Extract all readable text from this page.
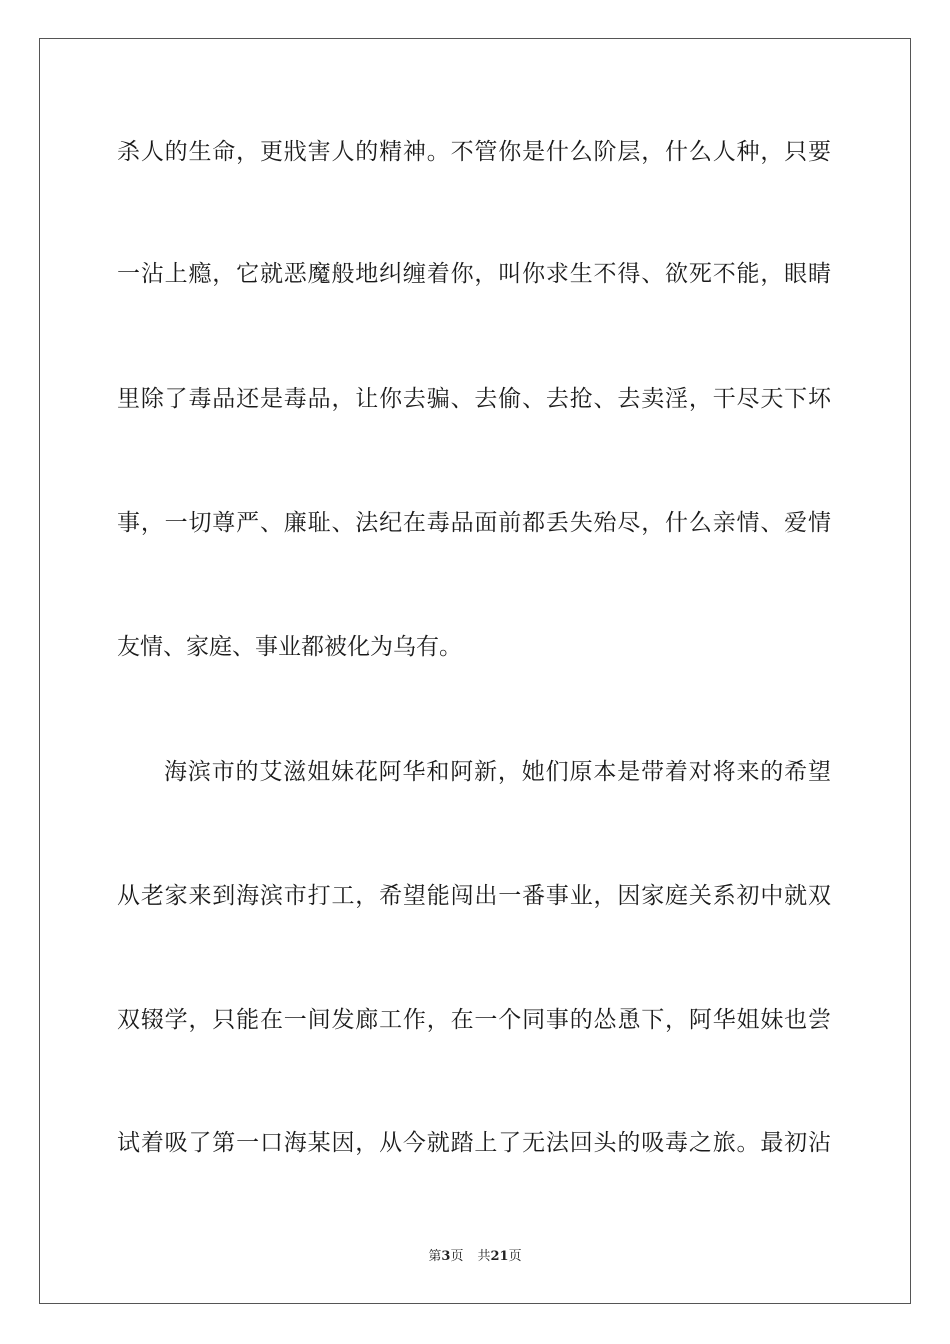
杀人的生命，更戕害人的精神。不管你是什么阶层，什么人种，只要
一沾上瘾，它就恶魔般地纠缠着你，叫你求生不得、欲死不能，眼睛
里除了毒品还是毒品，让你去骗、去偷、去抢、去卖淫，干尽天下坏
事，一切尊严、廉耻、法纪在毒品面前都丢失殆尽，什么亲情、爱情
友情、家庭、事业都被化为乌有。
海滨市的艾滋姐妹花阿华和阿新，她们原本是带着对将来的希望
从老家来到海滨市打工，希望能闯出一番事业，因家庭关系初中就双
双辍学，只能在一间发廊工作，在一个同事的怂恿下，阿华姐妹也尝
试着吸了第一口海某因，从今就踏上了无法回头的吸毒之旅。最初沾
第3页 共21页
